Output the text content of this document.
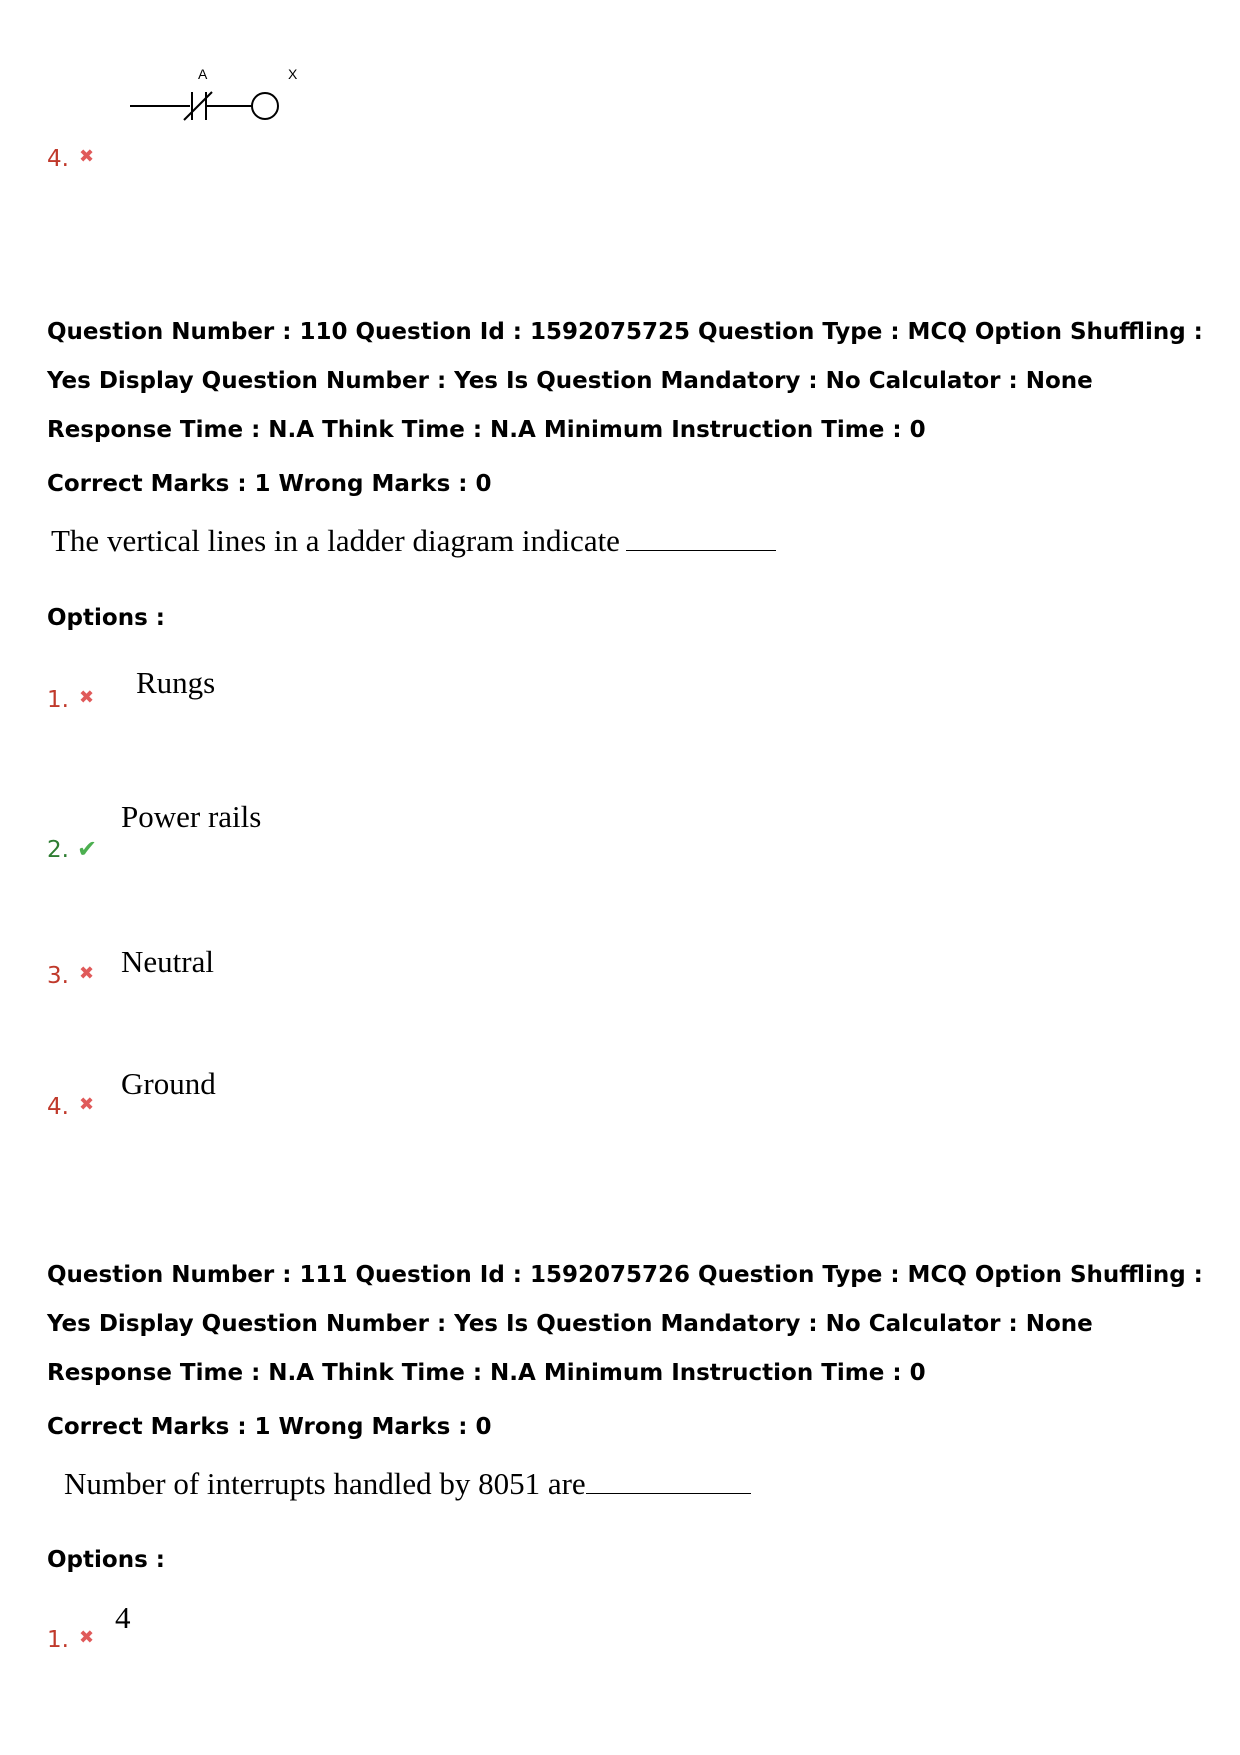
A	X
4. ✖
Question Number : 110 Question Id : 1592075725 Question Type : MCQ Option Shuffling : Yes Display Question Number : Yes Is Question Mandatory : No Calculator : None Response Time : N.A Think Time : N.A Minimum Instruction Time : 0
Correct Marks : 1 Wrong Marks : 0
The vertical lines in a ladder diagram indicate
Options :
1. ✖ Rungs
2. ✔
Power rails
3. ✖ Neutral
4. ✖
Ground
Question Number : 111 Question Id : 1592075726 Question Type : MCQ Option Shuffling : Yes Display Question Number : Yes Is Question Mandatory : No Calculator : None Response Time : N.A Think Time : N.A Minimum Instruction Time : 0
Correct Marks : 1 Wrong Marks : 0
Number of interrupts handled by 8051 are
Options :
1. ✖
4
